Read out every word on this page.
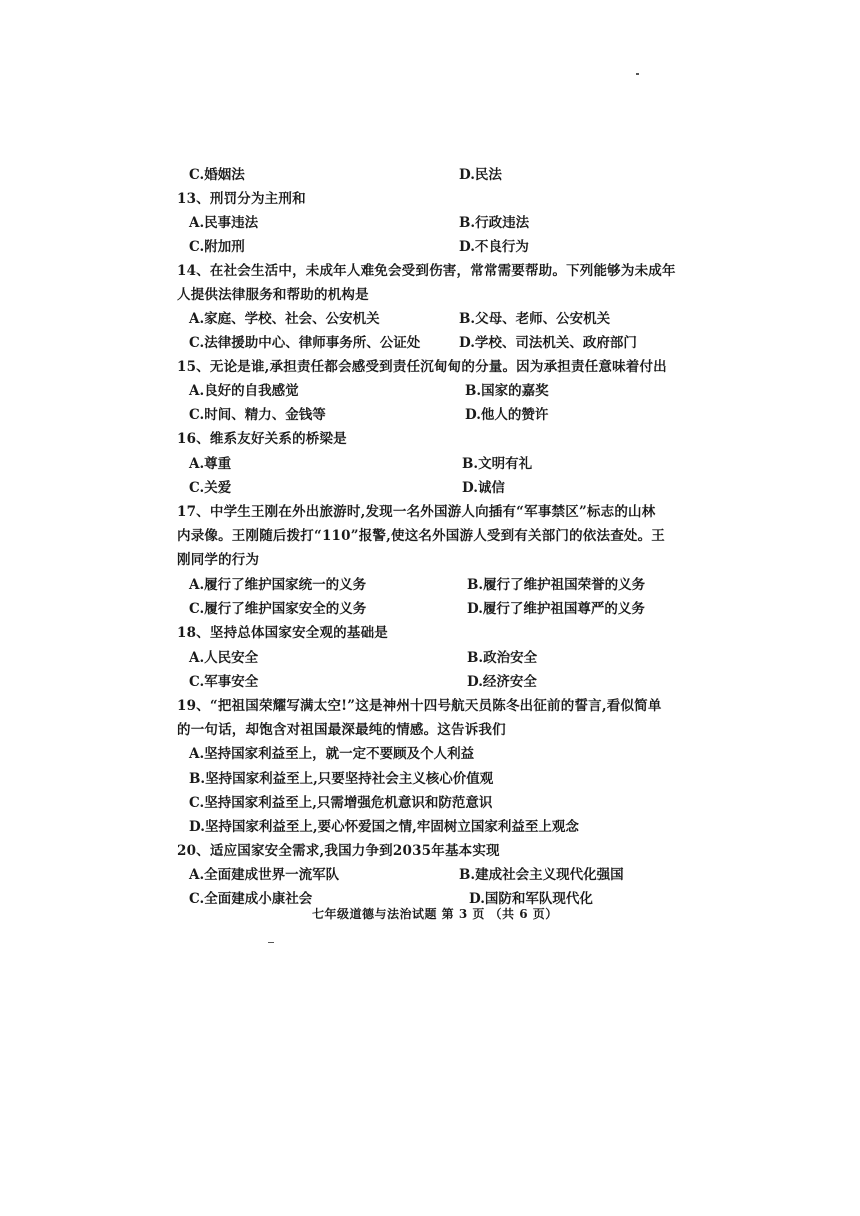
C.婚姻法	D.民法
13、刑罚分为主刑和
A.民事违法	B.行政违法
C.附加刑	D.不良行为
14、在社会生活中，未成年人难免会受到伤害，常常需要帮助。下列能够为未成年
人提供法律服务和帮助的机构是
A.家庭、学校、社会、公安机关	B.父母、老师、公安机关
C.法律援助中心、律师事务所、公证处	D.学校、司法机关、政府部门
15、无论是谁,承担责任都会感受到责任沉甸甸的分量。因为承担责任意味着付出
A.良好的自我感觉	B.国家的嘉奖
C.时间、精力、金钱等	D.他人的赞许
16、维系友好关系的桥梁是
A.尊重	B.文明有礼
C.关爱	D.诚信
17、中学生王刚在外出旅游时,发现一名外国游人向插有“军事禁区”标志的山林
内录像。王刚随后拨打“110”报警,使这名外国游人受到有关部门的依法查处。王
刚同学的行为
A.履行了维护国家统一的义务	B.履行了维护祖国荣誉的义务
C.履行了维护国家安全的义务	D.履行了维护祖国尊严的义务
18、坚持总体国家安全观的基础是
A.人民安全	B.政治安全
C.军事安全	D.经济安全
19、“把祖国荣耀写满太空!”这是神州十四号航天员陈冬出征前的誓言,看似简单
的一句话，却饱含对祖国最深最纯的情感。这告诉我们
A.坚持国家利益至上，就一定不要顾及个人利益
B.坚持国家利益至上,只要坚持社会主义核心价值观
C.坚持国家利益至上,只需增强危机意识和防范意识
D.坚持国家利益至上,要心怀爱国之情,牢固树立国家利益至上观念
20、适应国家安全需求,我国力争到2035年基本实现
A.全面建成世界一流军队	B.建成社会主义现代化强国
C.全面建成小康社会	D.国防和军队现代化
七年级道德与法治试题 第 3 页 （共 6 页）
